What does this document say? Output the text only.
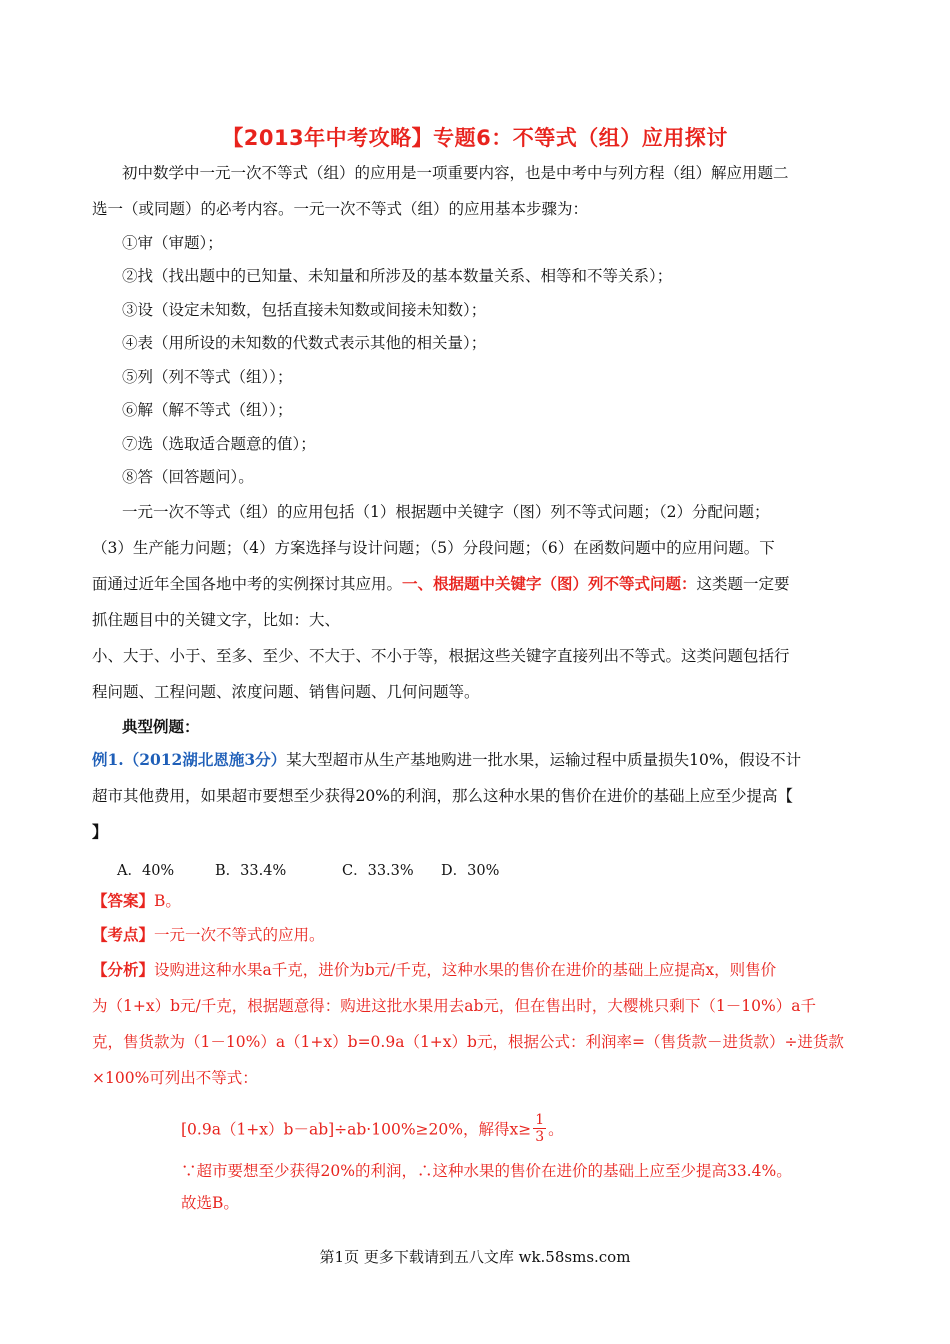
【2013年中考攻略】专题6：不等式（组）应用探讨
初中数学中一元一次不等式（组）的应用是一项重要内容，也是中考中与列方程（组）解应用题二
选一（或同题）的必考内容。一元一次不等式（组）的应用基本步骤为：
①审（审题）；
②找（找出题中的已知量、未知量和所涉及的基本数量关系、相等和不等关系）；
③设（设定未知数，包括直接未知数或间接未知数）；
④表（用所设的未知数的代数式表示其他的相关量）；
⑤列（列不等式（组））；
⑥解（解不等式（组））；
⑦选（选取适合题意的值）；
⑧答（回答题问）。
一元一次不等式（组）的应用包括（1）根据题中关键字（图）列不等式问题；（2）分配问题；
（3）生产能力问题；（4）方案选择与设计问题；（5）分段问题；（6）在函数问题中的应用问题。下
面通过近年全国各地中考的实例探讨其应用。一、根据题中关键字（图）列不等式问题：这类题一定要
抓住题目中的关键文字，比如：大、
小、大于、小于、至多、至少、不大于、不小于等，根据这些关键字直接列出不等式。这类问题包括行
程问题、工程问题、浓度问题、销售问题、几何问题等。
典型例题：
例1.（2012湖北恩施3分）某大型超市从生产基地购进一批水果，运输过程中质量损失10%，假设不计
超市其他费用，如果超市要想至少获得20%的利润，那么这种水果的售价在进价的基础上应至少提高【
】
A．40%	B．33.4%	C．33.3% D．30%
【答案】B。
【考点】一元一次不等式的应用。
【分析】设购进这种水果a千克，进价为b元/千克，这种水果的售价在进价的基础上应提高x，则售价
为（1+x）b元/千克，根据题意得：购进这批水果用去ab元，但在售出时，大樱桃只剩下（1－10%）a千
克，售货款为（1－10%）a（1+x）b=0.9a（1+x）b元，根据公式：利润率=（售货款－进货款）÷进货款
×100%可列出不等式：
[0.9a（1+x）b－ab]÷ab·100%≥20%，解得$x\ge \frac{1}{3}$ 。
∵超市要想至少获得20%的利润，∴这种水果的售价在进价的基础上应至少提高33.4%。
故选B。
第1页 更多下载请到五八文库 wk.58sms.com
